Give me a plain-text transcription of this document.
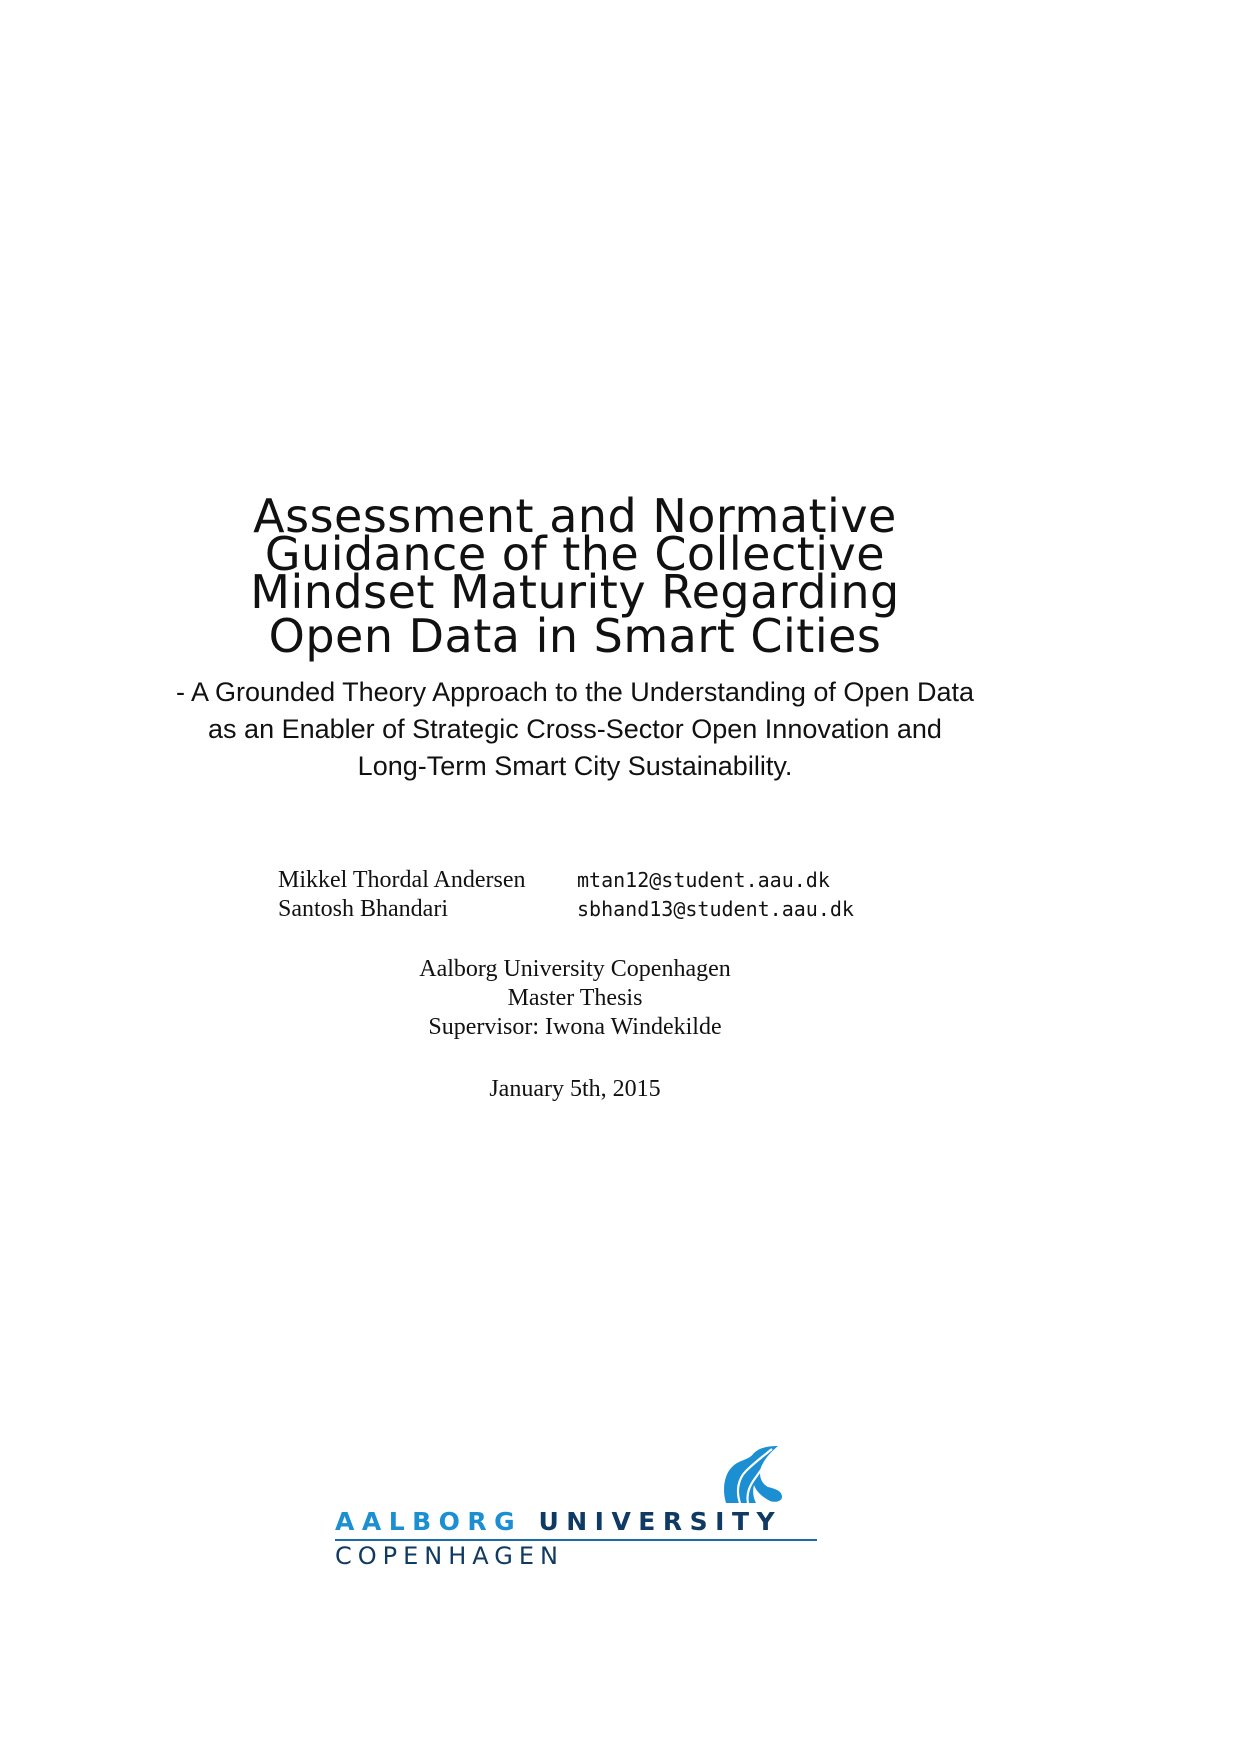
Assessment and Normative
Guidance of the Collective
Mindset Maturity Regarding
Open Data in Smart Cities
- A Grounded Theory Approach to the Understanding of Open Data
as an Enabler of Strategic Cross-Sector Open Innovation and
Long-Term Smart City Sustainability.
Mikkel Thordal Andersen	mtan12@student.aau.dk
Santosh Bhandari	sbhand13@student.aau.dk
Aalborg University Copenhagen
Master Thesis
Supervisor: Iwona Windekilde
January 5th, 2015
AALBORG UNIVERSITY
COPENHAGEN
